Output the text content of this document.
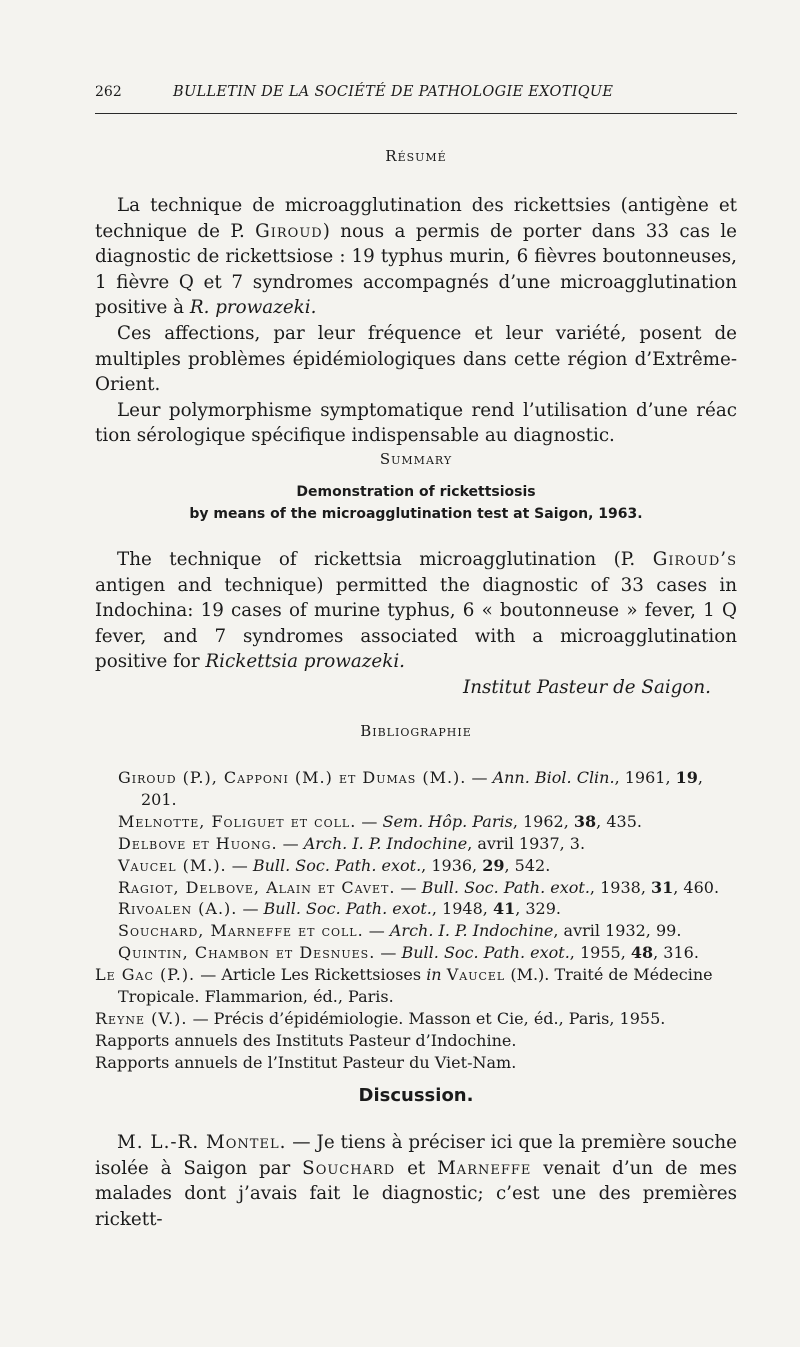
262	BULLETIN DE LA SOCIÉTÉ DE PATHOLOGIE EXOTIQUE
Résumé

La technique de microagglutination des rickettsies (antigène et technique de P. Giroud) nous a permis de porter dans 33 cas le diagnostic de rickettsiose : 19 typhus murin, 6 fièvres boutonneuses, 1 fièvre Q et 7 syndromes accompagnés d’une microagglutination positive à R. prowazeki.

Ces affections, par leur fréquence et leur variété, posent de multiples problèmes épidémiologiques dans cette région d’Extrême-Orient.

Leur polymorphisme symptomatique rend l’utilisation d’une réac tion sérologique spécifique indispensable au diagnostic.

Summary
Demonstration of rickettsiosis
by means of the microagglutination test at Saigon, 1963.

The technique of rickettsia microagglutination (P. Giroud’s antigen and technique) permitted the diagnostic of 33 cases in Indochina: 19 cases of murine typhus, 6 « boutonneuse » fever, 1 Q fever, and 7 syndromes associated with a microagglutination positive for Rickettsia prowazeki.

Institut Pasteur de Saigon.
Bibliographie
Giroud (P.), Capponi (M.) et Dumas (M.). — Ann. Biol. Clin., 1961, 19, 201.
Melnotte, Foliguet et coll. — Sem. Hôp. Paris, 1962, 38, 435.
Delbove et Huong. — Arch. I. P. Indochine, avril 1937, 3.
Vaucel (M.). — Bull. Soc. Path. exot., 1936, 29, 542.
Ragiot, Delbove, Alain et Cavet. — Bull. Soc. Path. exot., 1938, 31, 460.
Rivoalen (A.). — Bull. Soc. Path. exot., 1948, 41, 329.
Souchard, Marneffe et coll. — Arch. I. P. Indochine, avril 1932, 99.
Quintin, Chambon et Desnues. — Bull. Soc. Path. exot., 1955, 48, 316.
Le Gac (P.). — Article Les Rickettsioses in Vaucel (M.). Traité de Médecine Tropicale. Flammarion, éd., Paris.
Reyne (V.). — Précis d’épidémiologie. Masson et Cie, éd., Paris, 1955.
Rapports annuels des Instituts Pasteur d’Indochine.
Rapports annuels de l’Institut Pasteur du Viet-Nam.
Discussion.

M. L.-R. Montel. — Je tiens à préciser ici que la première souche isolée à Saigon par Souchard et Marneffe venait d’un de mes malades dont j’avais fait le diagnostic; c’est une des premières rickett-
